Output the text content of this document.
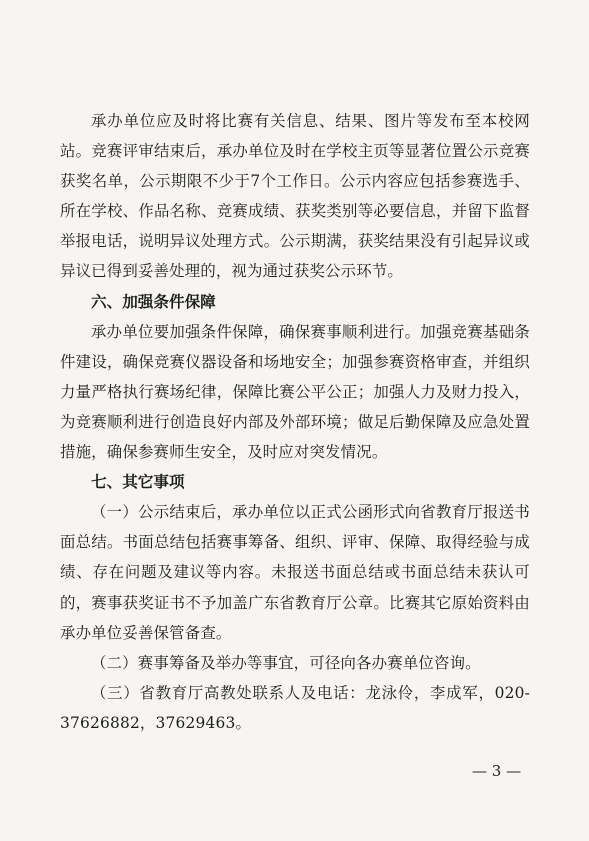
承办单位应及时将比赛有关信息、结果、图片等发布至本校网站。竞赛评审结束后，承办单位及时在学校主页等显著位置公示竞赛获奖名单，公示期限不少于7个工作日。公示内容应包括参赛选手、所在学校、作品名称、竞赛成绩、获奖类别等必要信息，并留下监督举报电话，说明异议处理方式。公示期满，获奖结果没有引起异议或异议已得到妥善处理的，视为通过获奖公示环节。

六、加强条件保障

承办单位要加强条件保障，确保赛事顺利进行。加强竞赛基础条件建设，确保竞赛仪器设备和场地安全；加强参赛资格审查，并组织力量严格执行赛场纪律，保障比赛公平公正；加强人力及财力投入，为竞赛顺利进行创造良好内部及外部环境；做足后勤保障及应急处置措施，确保参赛师生安全，及时应对突发情况。

七、其它事项

（一）公示结束后，承办单位以正式公函形式向省教育厅报送书面总结。书面总结包括赛事筹备、组织、评审、保障、取得经验与成绩、存在问题及建议等内容。未报送书面总结或书面总结未获认可的，赛事获奖证书不予加盖广东省教育厅公章。比赛其它原始资料由承办单位妥善保管备查。

（二）赛事筹备及举办等事宜，可径向各办赛单位咨询。

（三）省教育厅高教处联系人及电话：龙泳伶，李成军，020-37626882，37629463。

— 3 —
